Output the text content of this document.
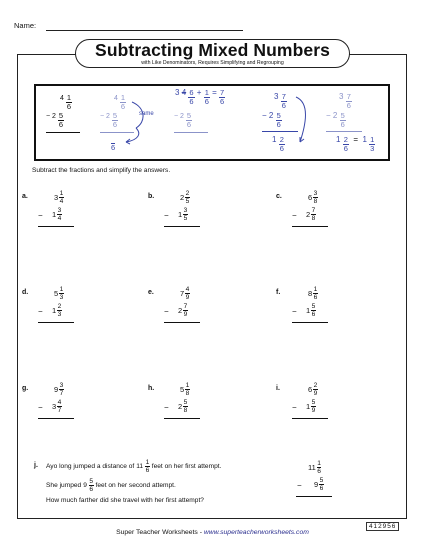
Name:
Subtracting Mixed Numbers
with Like Denominators, Requires Simplifying and Regrouping
$4 \frac{1}{6}$
− $2 \frac{5}{6}$
$4 \frac{1}{6}$
− $2 \frac{5}{6}$

6
same
3 $4 \frac{6}{6} + \frac{1}{6} = \frac{7}{6}$
− $2 \frac{5}{6}$
$3 \frac{7}{6}$
− $2 \frac{5}{6}$
$1 \frac{2}{6}$
$3 \frac{7}{6}$
− $2 \frac{5}{6}$
$1 \frac{2}{6} = 1 \frac{1}{3}$
Subtract the fractions and simplify the answers.
a.	$3 \frac{1}{4}$
− $1 \frac{3}{4}$
b.	$2 \frac{2}{5}$
− $1 \frac{3}{5}$
c.	$6 \frac{3}{8}$
− $2 \frac{7}{8}$
d.	$5 \frac{1}{3}$
− $1 \frac{2}{3}$
e.	$7 \frac{4}{9}$
− $2 \frac{7}{9}$
f.	$8 \frac{1}{6}$
− $1 \frac{5}{6}$
g.	$9 \frac{3}{7}$
− $3 \frac{4}{7}$
h.	$5 \frac{1}{8}$
− $2 \frac{5}{8}$
i.	$6 \frac{2}{9}$
− $1 \frac{5}{9}$
j. Ayo long jumped a distance of $11 \frac{1}{6}$ feet on her first attempt.
She jumped $9 \frac{5}{6}$ feet on her second attempt.
How much farther did she travel with her first attempt?
$11 \frac{1}{6}$
− $9 \frac{5}{6}$
412956
Super Teacher Worksheets - www.superteacherworksheets.com
